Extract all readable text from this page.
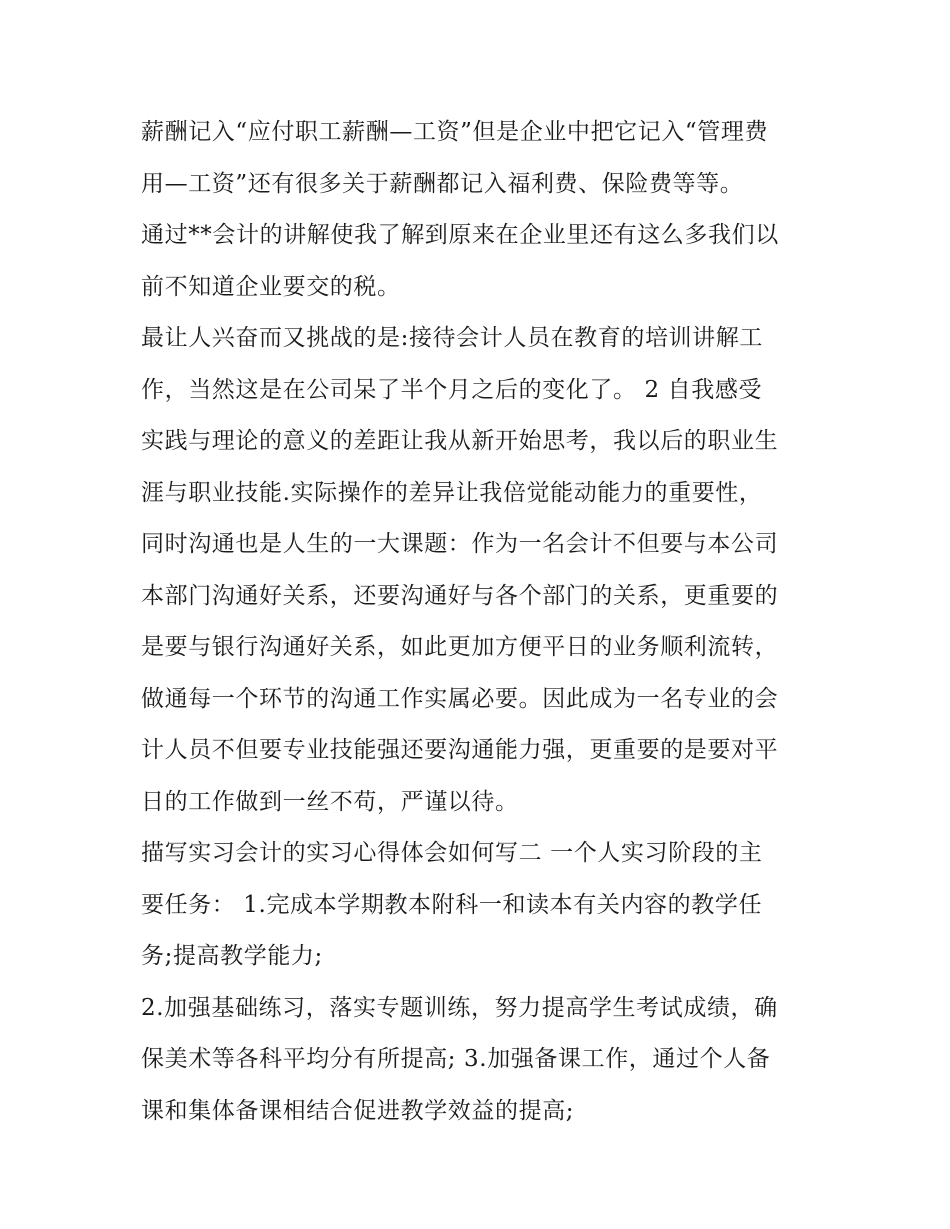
薪酬记入“应付职工薪酬—工资”但是企业中把它记入“管理费
用—工资”还有很多关于薪酬都记入福利费、保险费等等。
通过**会计的讲解使我了解到原来在企业里还有这么多我们以
前不知道企业要交的税。
最让人兴奋而又挑战的是:接待会计人员在教育的培训讲解工
作，当然这是在公司呆了半个月之后的变化了。 2 自我感受
实践与理论的意义的差距让我从新开始思考，我以后的职业生
涯与职业技能.实际操作的差异让我倍觉能动能力的重要性，
同时沟通也是人生的一大课题：作为一名会计不但要与本公司
本部门沟通好关系，还要沟通好与各个部门的关系，更重要的
是要与银行沟通好关系，如此更加方便平日的业务顺利流转，
做通每一个环节的沟通工作实属必要。因此成为一名专业的会
计人员不但要专业技能强还要沟通能力强，更重要的是要对平
日的工作做到一丝不苟，严谨以待。
描写实习会计的实习心得体会如何写二 一个人实习阶段的主
要任务： 1.完成本学期教本附科一和读本有关内容的教学任
务;提高教学能力;
2.加强基础练习，落实专题训练，努力提高学生考试成绩，确
保美术等各科平均分有所提高; 3.加强备课工作，通过个人备
课和集体备课相结合促进教学效益的提高;
